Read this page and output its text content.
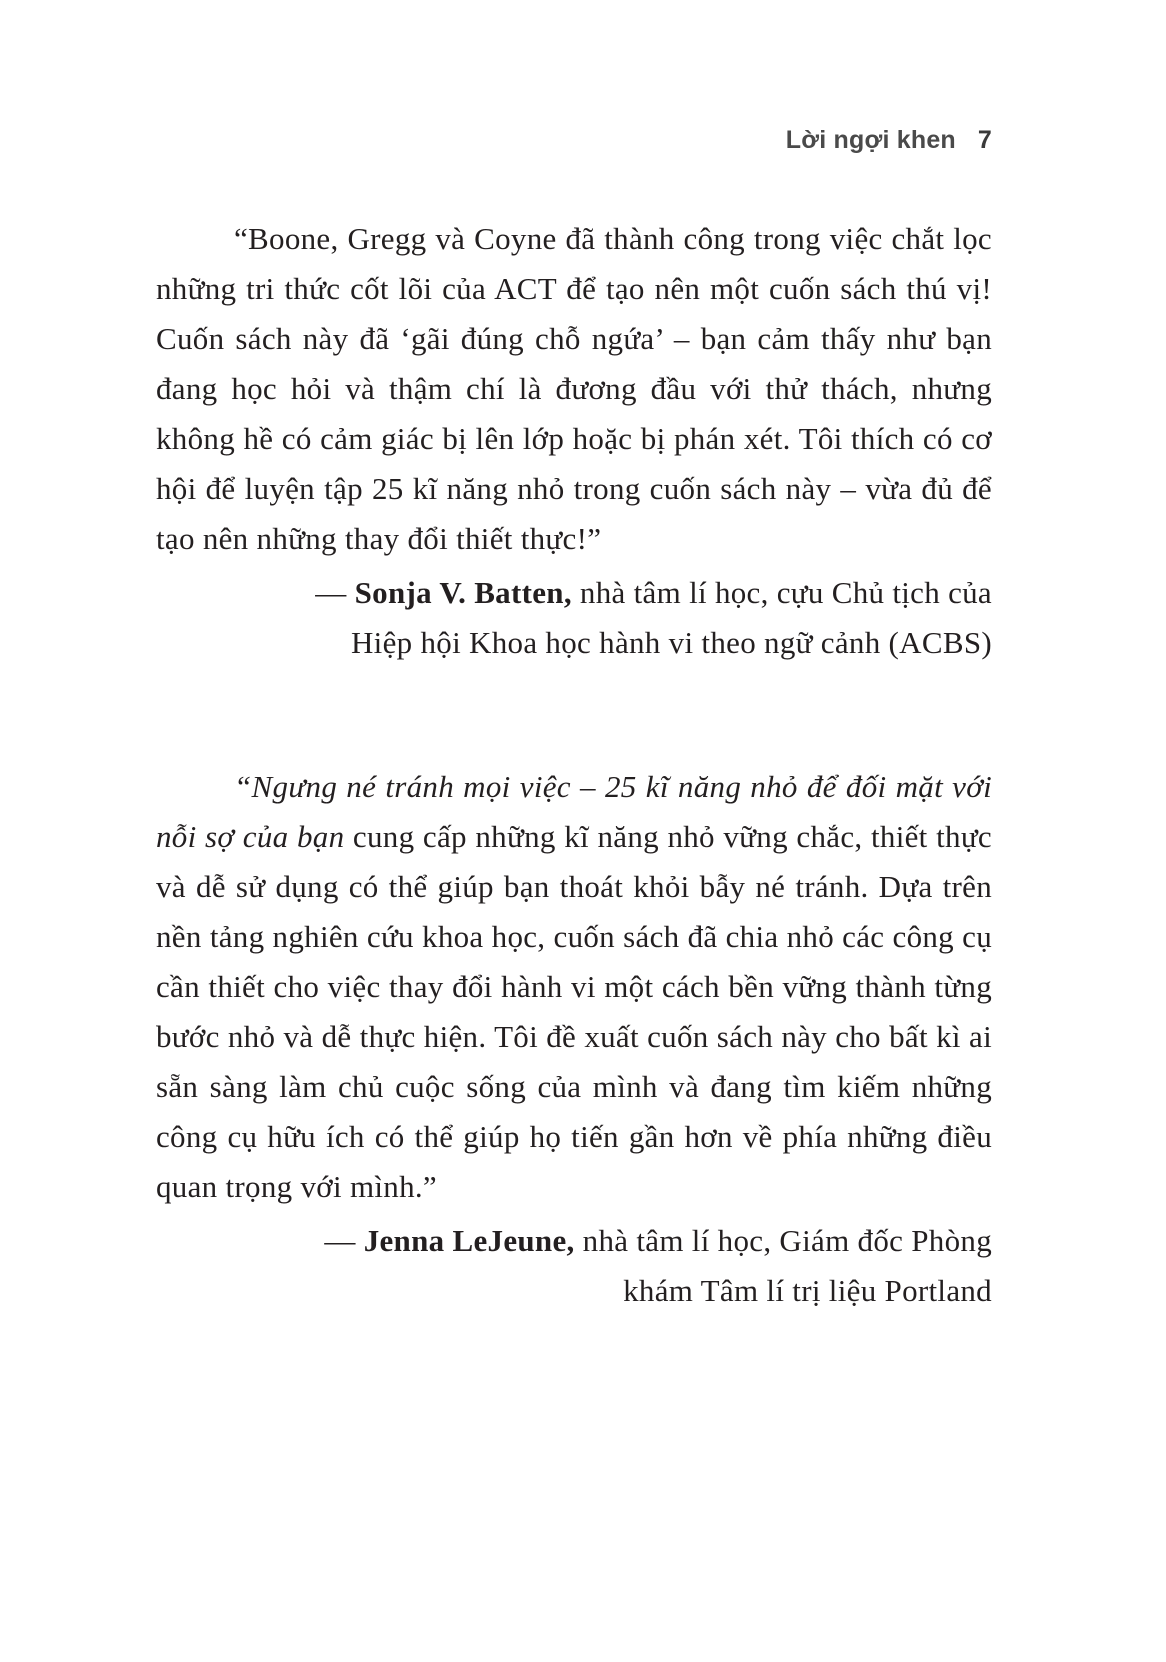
Lời ngợi khen 7

“Boone, Gregg và Coyne đã thành công trong việc chắt lọc những tri thức cốt lõi của ACT để tạo nên một cuốn sách thú vị! Cuốn sách này đã ‘gãi đúng chỗ ngứa’ – bạn cảm thấy như bạn đang học hỏi và thậm chí là đương đầu với thử thách, nhưng không hề có cảm giác bị lên lớp hoặc bị phán xét. Tôi thích có cơ hội để luyện tập 25 kĩ năng nhỏ trong cuốn sách này – vừa đủ để tạo nên những thay đổi thiết thực!”

— Sonja V. Batten, nhà tâm lí học, cựu Chủ tịch của
Hiệp hội Khoa học hành vi theo ngữ cảnh (ACBS)

“Ngưng né tránh mọi việc – 25 kĩ năng nhỏ để đối mặt với nỗi sợ của bạn cung cấp những kĩ năng nhỏ vững chắc, thiết thực và dễ sử dụng có thể giúp bạn thoát khỏi bẫy né tránh. Dựa trên nền tảng nghiên cứu khoa học, cuốn sách đã chia nhỏ các công cụ cần thiết cho việc thay đổi hành vi một cách bền vững thành từng bước nhỏ và dễ thực hiện. Tôi đề xuất cuốn sách này cho bất kì ai sẵn sàng làm chủ cuộc sống của mình và đang tìm kiếm những công cụ hữu ích có thể giúp họ tiến gần hơn về phía những điều quan trọng với mình.”

— Jenna LeJeune, nhà tâm lí học, Giám đốc Phòng
khám Tâm lí trị liệu Portland
